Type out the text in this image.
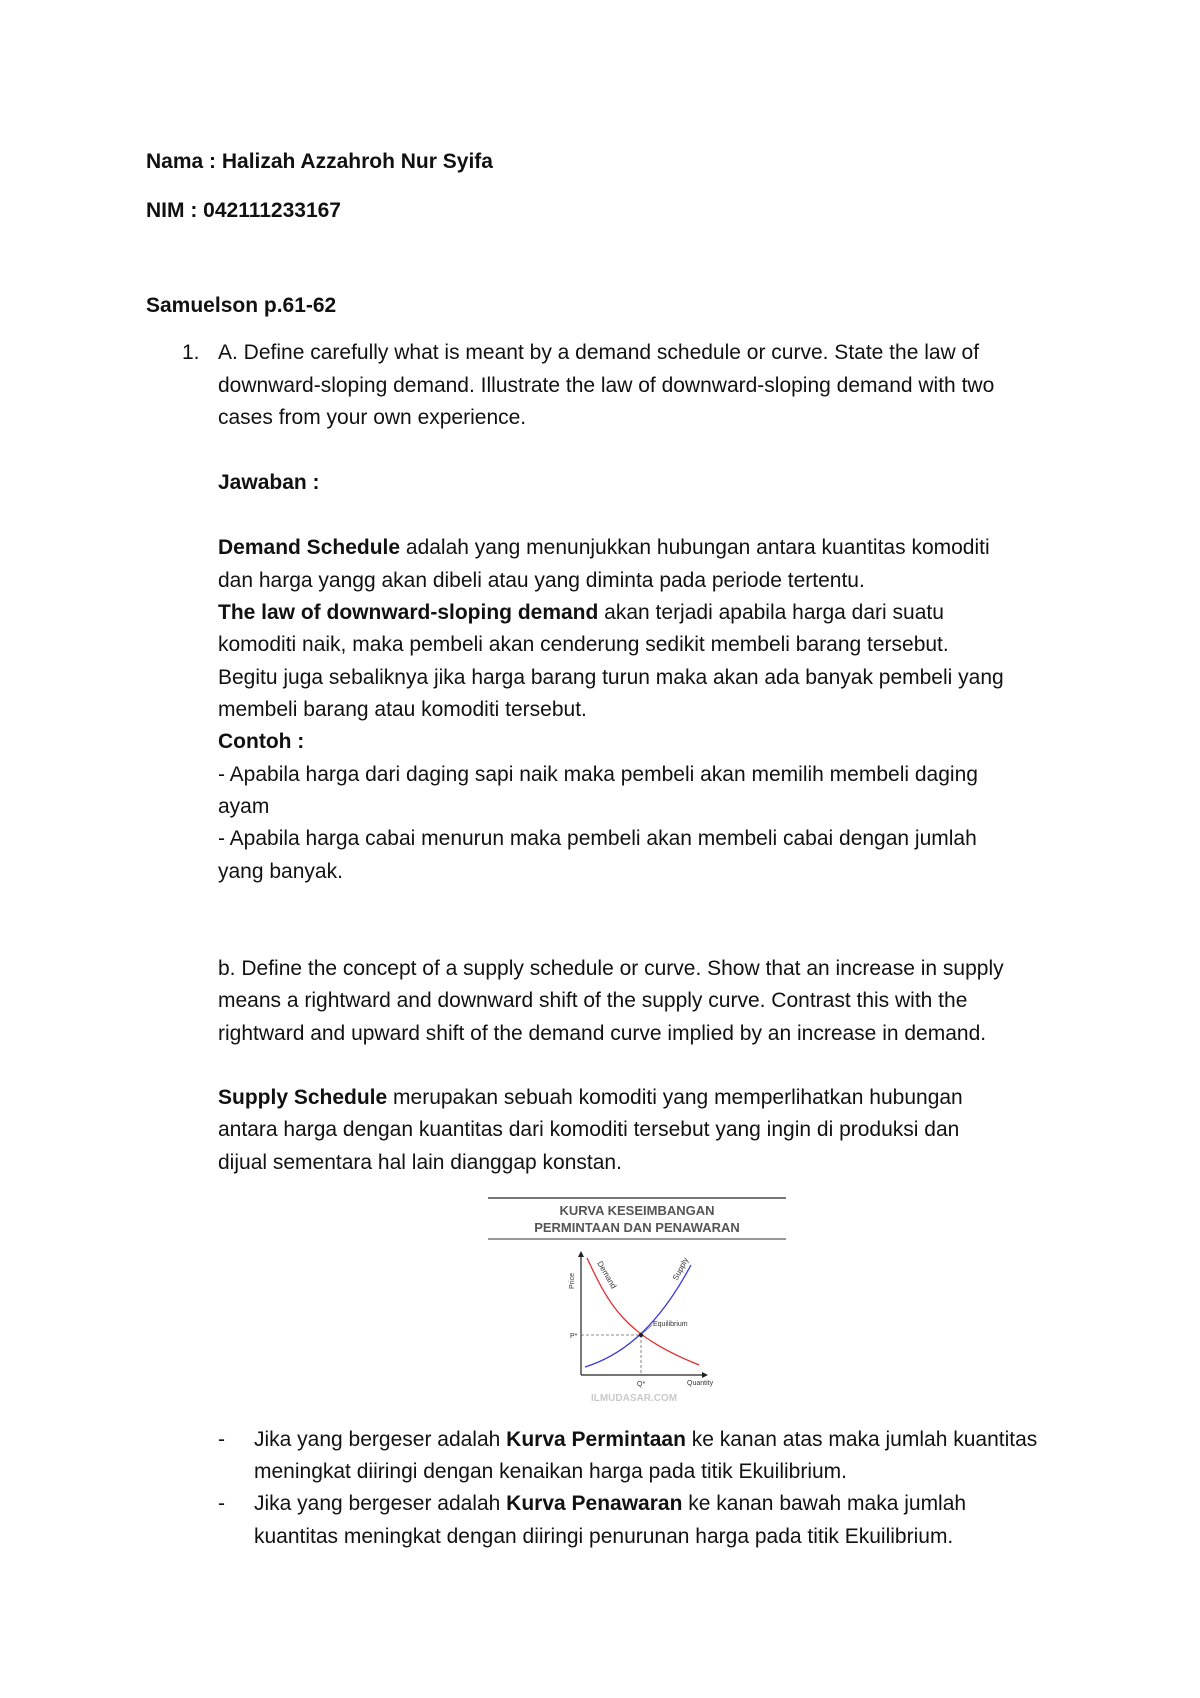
Nama : Halizah Azzahroh Nur Syifa

NIM : 042111233167

Samuelson p.61-62

1. A. Define carefully what is meant by a demand schedule or curve. State the law of

downward-sloping demand. Illustrate the law of downward-sloping demand with two

cases from your own experience.

Jawaban :

Demand Schedule adalah yang menunjukkan hubungan antara kuantitas komoditi

dan harga yangg akan dibeli atau yang diminta pada periode tertentu.

The law of downward-sloping demand akan terjadi apabila harga dari suatu

komoditi naik, maka pembeli akan cenderung sedikit membeli barang tersebut.

Begitu juga sebaliknya jika harga barang turun maka akan ada banyak pembeli yang

membeli barang atau komoditi tersebut.

Contoh :

- Apabila harga dari daging sapi naik maka pembeli akan memilih membeli daging

ayam

- Apabila harga cabai menurun maka pembeli akan membeli cabai dengan jumlah

yang banyak.

b. Define the concept of a supply schedule or curve. Show that an increase in supply

means a rightward and downward shift of the supply curve. Contrast this with the

rightward and upward shift of the demand curve implied by an increase in demand.

Supply Schedule merupakan sebuah komoditi yang memperlihatkan hubungan

antara harga dengan kuantitas dari komoditi tersebut yang ingin di produksi dan

dijual sementara hal lain dianggap konstan.

KURVA KESEIMBANGAN
PERMINTAAN DAN PENAWARAN
Price
Quantity
Equilibrium
P*
Q*
Demand	Supply
ILMUDASAR.COM
- Jika yang bergeser adalah Kurva Permintaan ke kanan atas maka jumlah kuantitas

meningkat diiringi dengan kenaikan harga pada titik Ekuilibrium.

- Jika yang bergeser adalah Kurva Penawaran ke kanan bawah maka jumlah

kuantitas meningkat dengan diiringi penurunan harga pada titik Ekuilibrium.
